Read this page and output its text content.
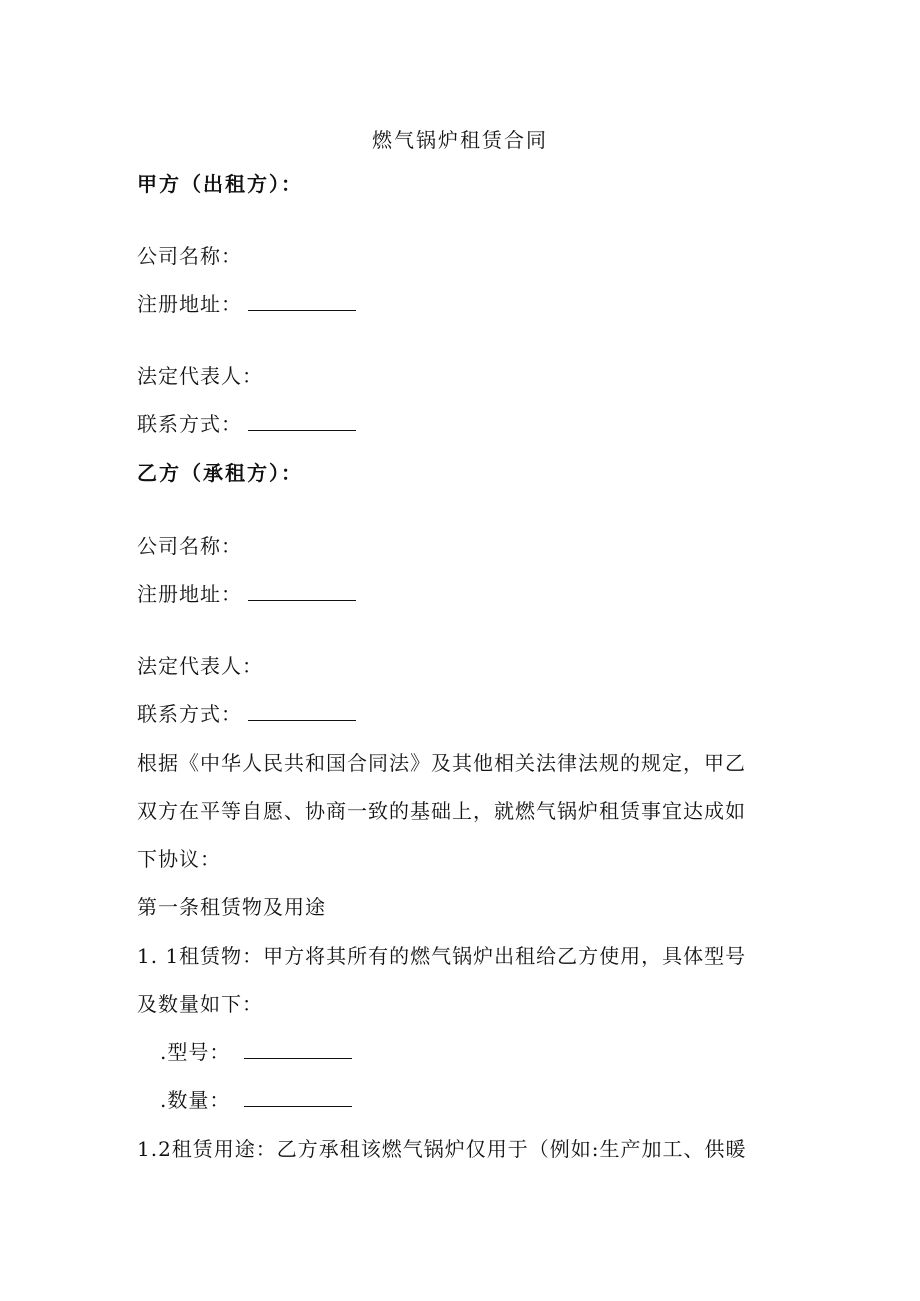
燃气锅炉租赁合同
甲方（出租方）：
公司名称：
注册地址：
法定代表人：
联系方式：
乙方（承租方）：
公司名称：
注册地址：
法定代表人：
联系方式：
根据《中华人民共和国合同法》及其他相关法律法规的规定，甲乙
双方在平等自愿、协商一致的基础上，就燃气锅炉租赁事宜达成如
下协议：
第一条租赁物及用途
1. 1租赁物：甲方将其所有的燃气锅炉出租给乙方使用，具体型号
及数量如下：
.型号：
.数量：
1.2租赁用途：乙方承租该燃气锅炉仅用于（例如:生产加工、供暖
